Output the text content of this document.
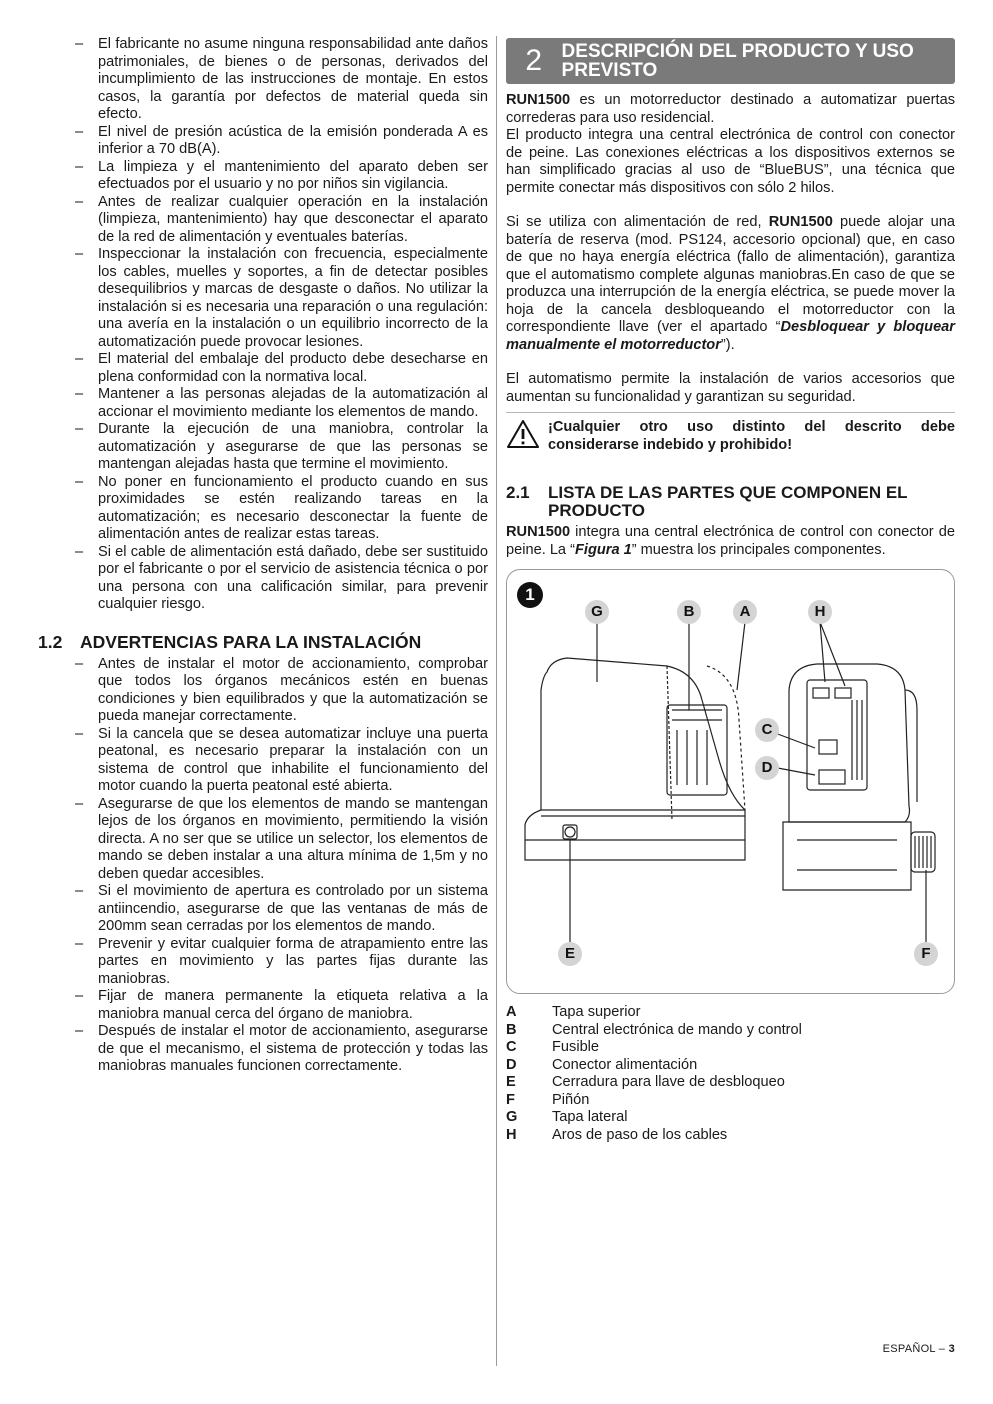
– El fabricante no asume ninguna responsabilidad ante daños patrimoniales, de bienes o de personas, derivados del incumplimiento de las instrucciones de montaje. En estos casos, la garantía por defectos de material queda sin efecto.
– El nivel de presión acústica de la emisión ponderada A es inferior a 70 dB(A).
– La limpieza y el mantenimiento del aparato deben ser efectuados por el usuario y no por niños sin vigilancia.
– Antes de realizar cualquier operación en la instalación (limpieza, mantenimiento) hay que desconectar el aparato de la red de alimentación y eventuales baterías.
– Inspeccionar la instalación con frecuencia, especialmente los cables, muelles y soportes, a fin de detectar posibles desequilibrios y marcas de desgaste o daños. No utilizar la instalación si es necesaria una reparación o una regulación: una avería en la instalación o un equilibrio incorrecto de la automatización puede provocar lesiones.
– El material del embalaje del producto debe desecharse en plena conformidad con la normativa local.
– Mantener a las personas alejadas de la automatización al accionar el movimiento mediante los elementos de mando.
– Durante la ejecución de una maniobra, controlar la automatización y asegurarse de que las personas se mantengan alejadas hasta que termine el movimiento.
– No poner en funcionamiento el producto cuando en sus proximidades se estén realizando tareas en la automatización; es necesario desconectar la fuente de alimentación antes de realizar estas tareas.
– Si el cable de alimentación está dañado, debe ser sustituido por el fabricante o por el servicio de asistencia técnica o por una persona con una calificación similar, para prevenir cualquier riesgo.
1.2	ADVERTENCIAS PARA LA INSTALACIÓN
– Antes de instalar el motor de accionamiento, comprobar que todos los órganos mecánicos estén en buenas condiciones y bien equilibrados y que la automatización se pueda manejar correctamente.
– Si la cancela que se desea automatizar incluye una puerta peatonal, es necesario preparar la instalación con un sistema de control que inhabilite el funcionamiento del motor cuando la puerta peatonal esté abierta.
– Asegurarse de que los elementos de mando se mantengan lejos de los órganos en movimiento, permitiendo la visión directa. A no ser que se utilice un selector, los elementos de mando se deben instalar a una altura mínima de 1,5m y no deben quedar accesibles.
– Si el movimiento de apertura es controlado por un sistema antiincendio, asegurarse de que las ventanas de más de 200mm sean cerradas por los elementos de mando.
– Prevenir y evitar cualquier forma de atrapamiento entre las partes en movimiento y las partes fijas durante las maniobras.
– Fijar de manera permanente la etiqueta relativa a la maniobra manual cerca del órgano de maniobra.
– Después de instalar el motor de accionamiento, asegurarse de que el mecanismo, el sistema de protección y todas las maniobras manuales funcionen correctamente.
2	DESCRIPCIÓN DEL PRODUCTO Y USO PREVISTO

RUN1500 es un motorreductor destinado a automatizar puertas correderas para uso residencial.

El producto integra una central electrónica de control con conector de peine. Las conexiones eléctricas a los dispositivos externos se han simplificado gracias al uso de “BlueBUS”, una técnica que permite conectar más dispositivos con sólo 2 hilos.

Si se utiliza con alimentación de red, RUN1500 puede alojar una batería de reserva (mod. PS124, accesorio opcional) que, en caso de que no haya energía eléctrica (fallo de alimentación), garantiza que el automatismo complete algunas maniobras.En caso de que se produzca una interrupción de la energía eléctrica, se puede mover la hoja de la cancela desbloqueando el motorreductor con la correspondiente llave (ver el apartado “Desbloquear y bloquear manualmente el motorreductor”).

El automatismo permite la instalación de varios accesorios que aumentan su funcionalidad y garantizan su seguridad.

¡Cualquier otro uso distinto del descrito debe considerarse indebido y prohibido!
2.1	LISTA DE LAS PARTES QUE COMPONEN EL PRODUCTO

RUN1500 integra una central electrónica de control con conector de peine. La “Figura 1” muestra los principales componentes.

1
G	B	A	H
C
D
E	F
A	Tapa superior
B	Central electrónica de mando y control
C	Fusible
D	Conector alimentación
E	Cerradura para llave de desbloqueo
F	Piñón
G	Tapa lateral
H	Aros de paso de los cables
ESPAÑOL – 3
